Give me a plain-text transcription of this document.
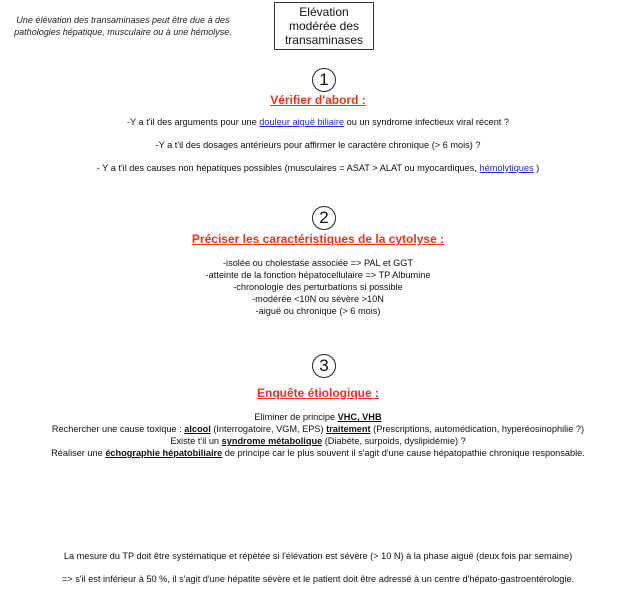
Une élévation des transaminases peut être due à des
pathologies hépatique, musculaire ou à une hémolyse.
Elévation
modérée des
transaminases
1
Vérifier d'abord :
-Y a t'il des arguments pour une douleur aiguë biliaire ou un syndrome infectieux viral récent ?
-Y a t'il des dosages antérieurs pour affirmer le caractère chronique (> 6 mois) ?
- Y a t'il des causes non hépatiques possibles (musculaires = ASAT > ALAT ou myocardiques, hémolytiques )
2
Préciser les caractéristiques de la cytolyse :
-isolée ou cholestase associée => PAL et GGT
-atteinte de la fonction hépatocellulaire => TP Albumine
-chronologie des perturbations si possible
-modérée <10N ou sévère >10N
-aiguë ou chronique (> 6 mois)
3
Enquête étiologique :
Eliminer de principe VHC, VHB
Rechercher une cause toxique : alcool (Interrogatoire, VGM, EPS) traitement (Prescriptions, automédication, hyperéosinophilie ?)
Existe t'il un syndrome métabolique (Diabète, surpoids, dyslipidémie) ?
Réaliser une échographie hépatobiliaire de principe car le plus souvent il s'agit d'une cause hépatopathie chronique responsable.
La mesure du TP doit être systématique et répétée si l'élévation est sévère (> 10 N) à la phase aiguë (deux fois par semaine)
=> s'il est inférieur à 50 %, il s'agit d'une hépatite sévère et le patient doit être adressé à un centre d'hépato-gastroentérologie.
